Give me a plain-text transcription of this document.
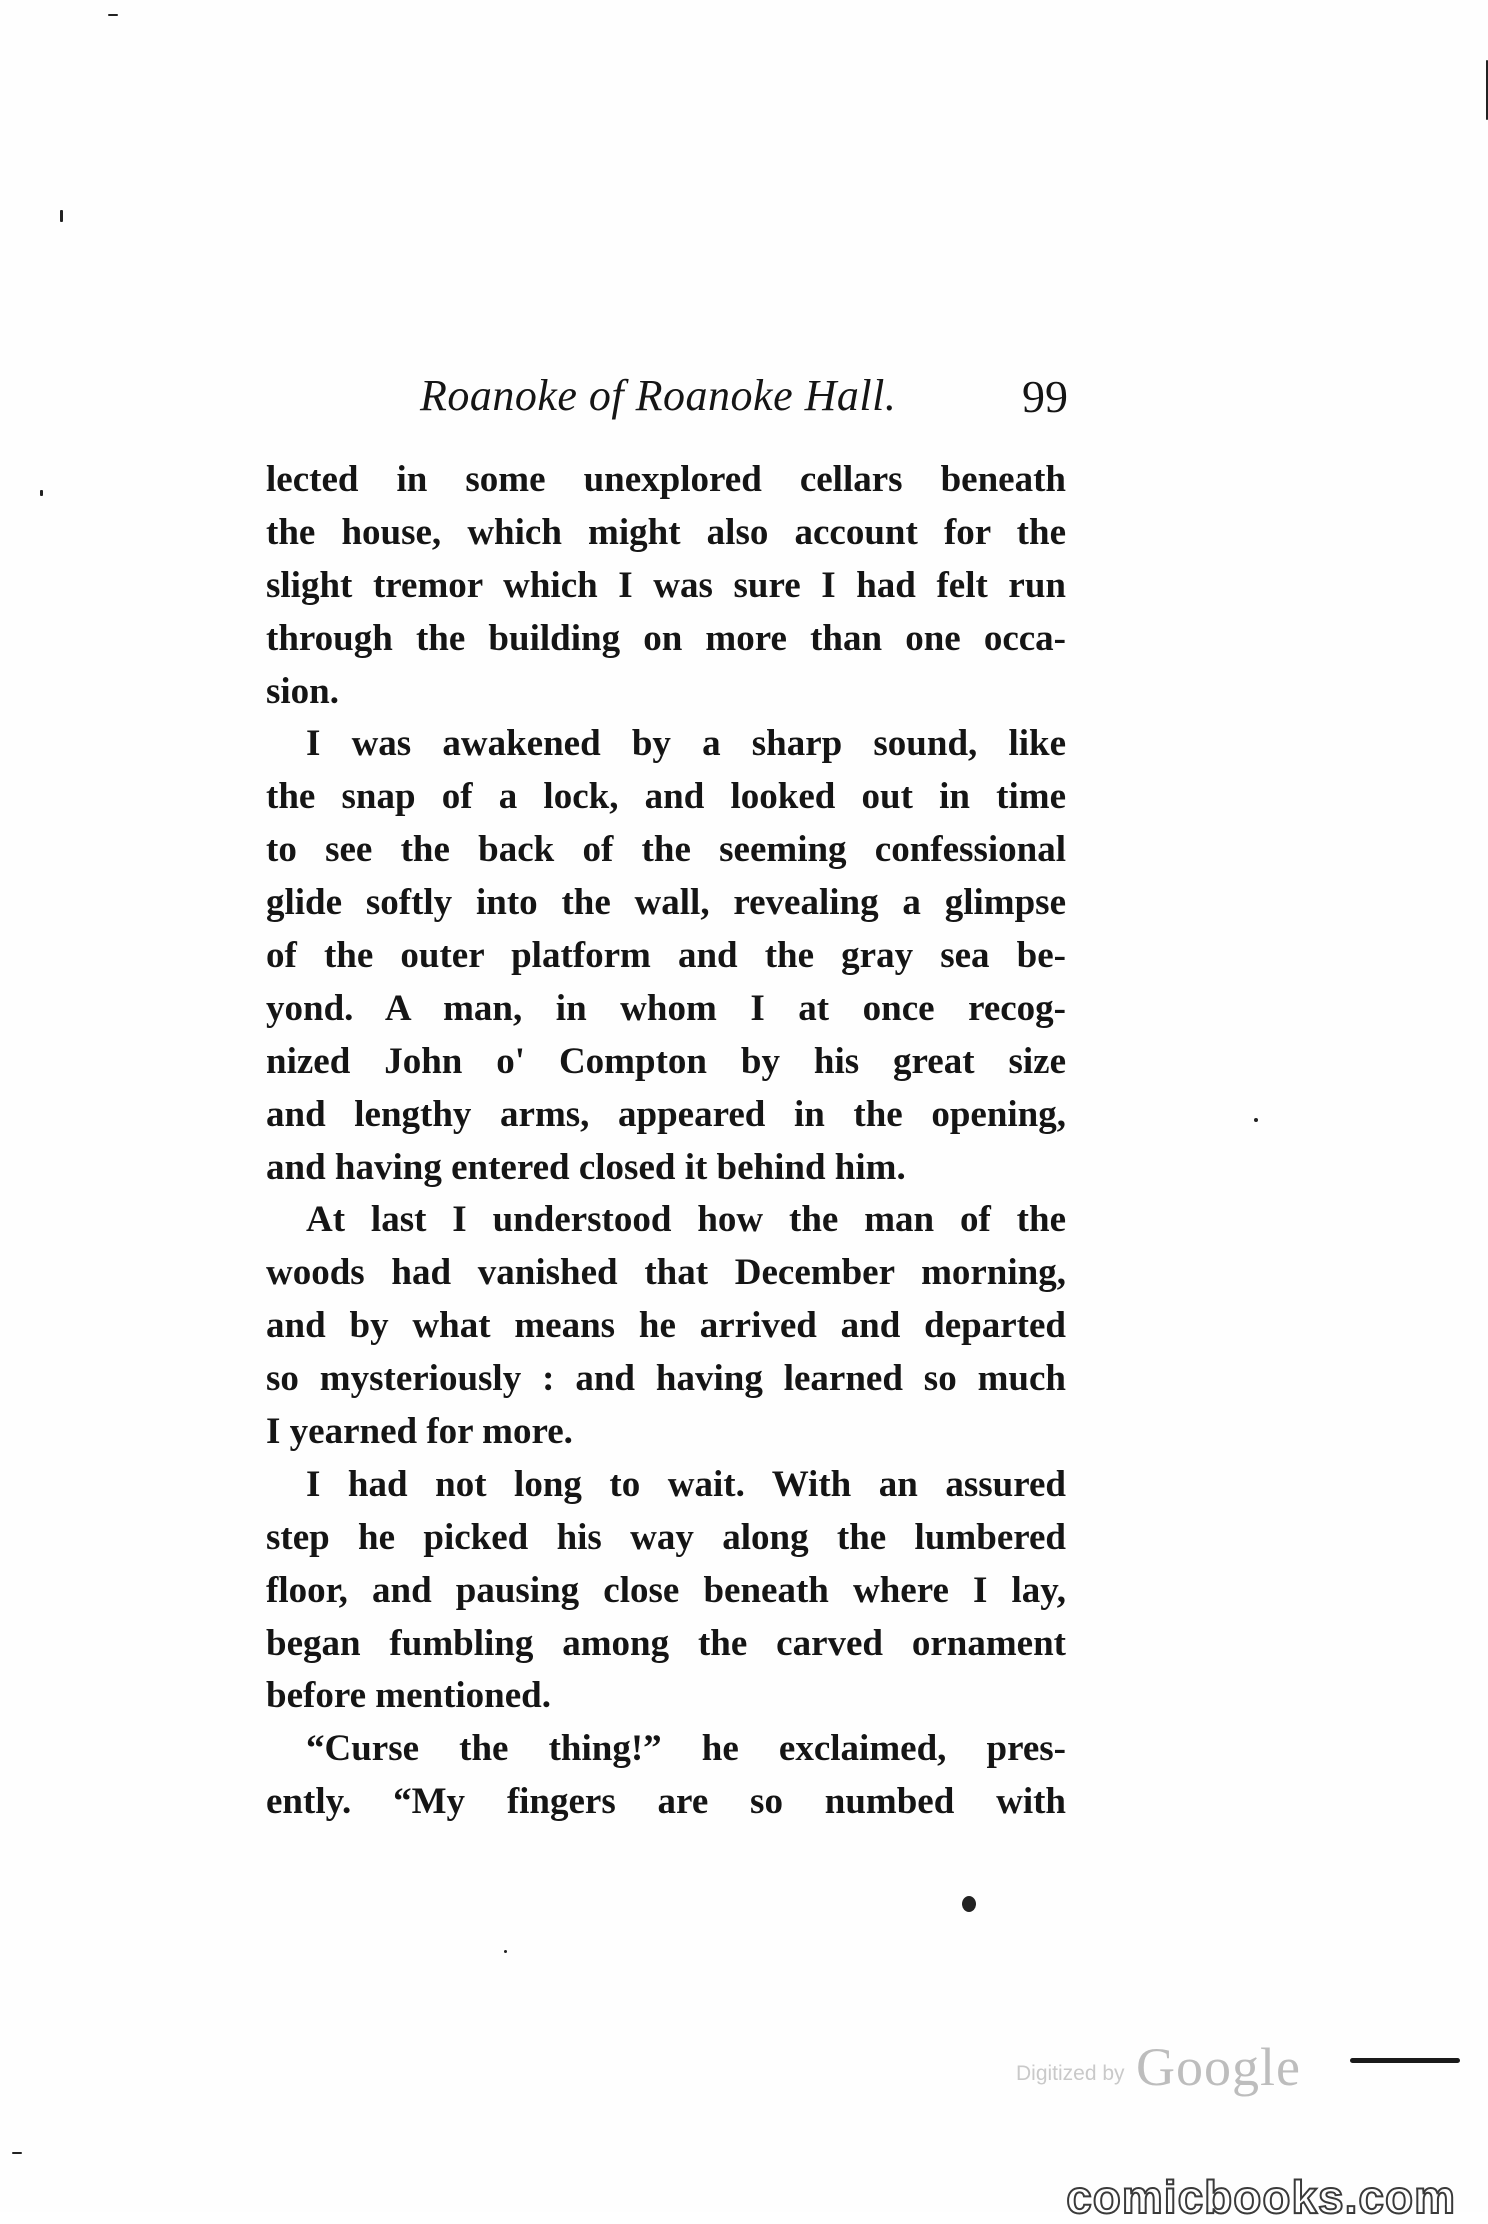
Roanoke of Roanoke Hall.	99
lected in some unexplored cellars beneath
the house, which might also account for the
slight tremor which I was sure I had felt run
through the building on more than one occa-
sion.
I was awakened by a sharp sound, like
the snap of a lock, and looked out in time
to see the back of the seeming confessional
glide softly into the wall, revealing a glimpse
of the outer platform and the gray sea be-
yond. A man, in whom I at once recog-
nized John o' Compton by his great size
and lengthy arms, appeared in the opening,
and having entered closed it behind him.
At last I understood how the man of the
woods had vanished that December morning,
and by what means he arrived and departed
so mysteriously : and having learned so much
I yearned for more.
I had not long to wait. With an assured
step he picked his way along the lumbered
floor, and pausing close beneath where I lay,
began fumbling among the carved ornament
before mentioned.
“Curse the thing!” he exclaimed, pres-
ently. “My fingers are so numbed with
Digitized by Google
comicbooks.com
